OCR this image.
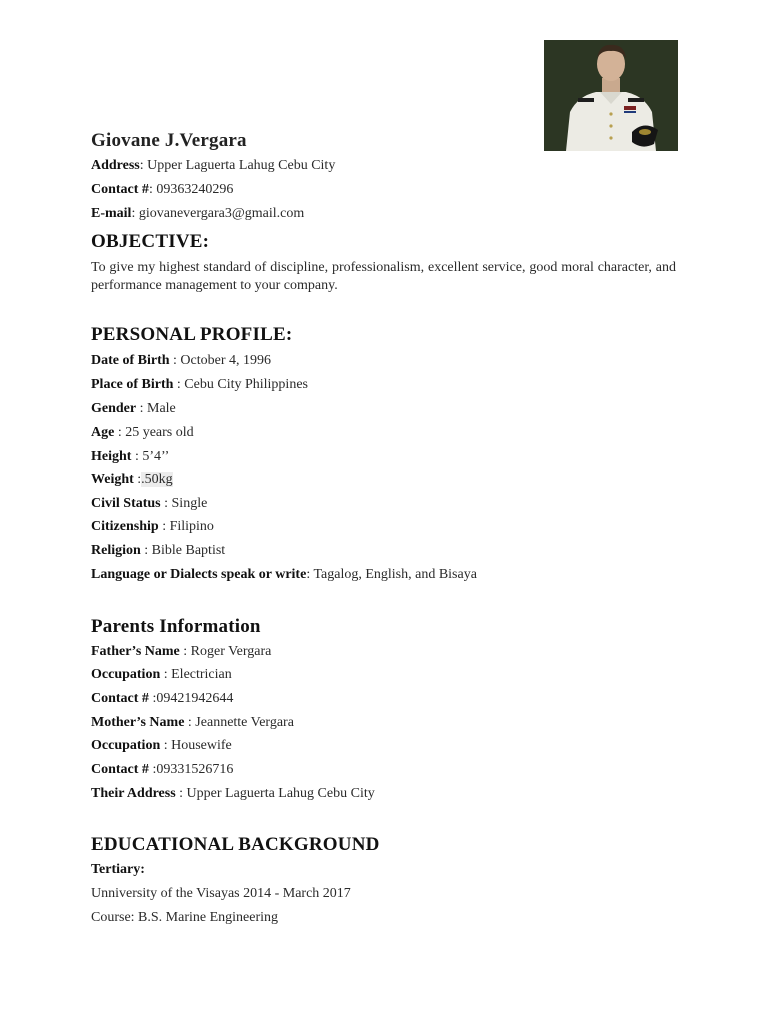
Giovane J.Vergara
Address: Upper Laguerta Lahug Cebu City
Contact #: 09363240296
E-mail: giovanevergara3@gmail.com
OBJECTIVE:
To give my highest standard of discipline, professionalism, excellent service, good moral character, and performance management to your company.
PERSONAL PROFILE:
Date of Birth : October 4, 1996
Place of Birth : Cebu City Philippines
Gender : Male
Age : 25 years old
Height : 5’4’’
Weight :.50kg
Civil Status : Single
Citizenship : Filipino
Religion : Bible Baptist
Language or Dialects speak or write: Tagalog, English, and Bisaya
Parents Information
Father’s Name : Roger Vergara
Occupation : Electrician
Contact # :09421942644
Mother’s Name : Jeannette Vergara
Occupation : Housewife
Contact # :09331526716
Their Address : Upper Laguerta Lahug Cebu City
EDUCATIONAL BACKGROUND
Tertiary:
Unniversity of the Visayas 2014 - March 2017
Course: B.S. Marine Engineering
